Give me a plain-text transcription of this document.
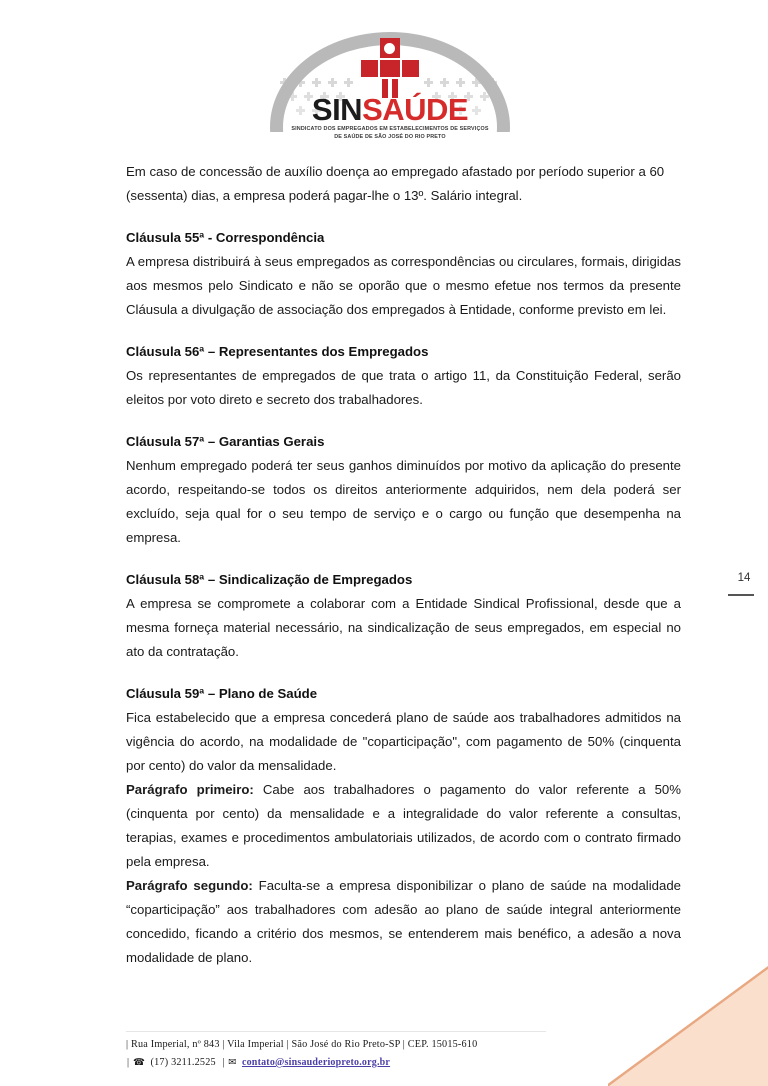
SINSAÚDE
SINDICATO DOS EMPREGADOS EM ESTABELECIMENTOS DE SERVIÇOS
DE SAÚDE DE SÃO JOSÉ DO RIO PRETO

Em caso de concessão de auxílio doença ao empregado afastado por período superior a 60 (sessenta) dias, a empresa poderá pagar-lhe o 13º. Salário integral.

Cláusula 55ª - Correspondência

A empresa distribuirá à seus empregados as correspondências ou circulares, formais, dirigidas aos mesmos pelo Sindicato e não se oporão que o mesmo efetue nos termos da presente Cláusula a divulgação de associação dos empregados à Entidade, conforme previsto em lei.

Cláusula 56ª – Representantes dos Empregados

Os representantes de empregados de que trata o artigo 11, da Constituição Federal, serão eleitos por voto direto e secreto dos trabalhadores.

Cláusula 57ª – Garantias Gerais

Nenhum empregado poderá ter seus ganhos diminuídos por motivo da aplicação do presente acordo, respeitando-se todos os direitos anteriormente adquiridos, nem dela poderá ser excluído, seja qual for o seu tempo de serviço e o cargo ou função que desempenha na empresa.

Cláusula 58ª – Sindicalização de Empregados

A empresa se compromete a colaborar com a Entidade Sindical Profissional, desde que a mesma forneça material necessário, na sindicalização de seus empregados, em especial no ato da contratação.

Cláusula 59ª – Plano de Saúde

Fica estabelecido que a empresa concederá plano de saúde aos trabalhadores admitidos na vigência do acordo, na modalidade de "coparticipação", com pagamento de 50% (cinquenta por cento) do valor da mensalidade.

Parágrafo primeiro: Cabe aos trabalhadores o pagamento do valor referente a 50% (cinquenta por cento) da mensalidade e a integralidade do valor referente a consultas, terapias, exames e procedimentos ambulatoriais utilizados, de acordo com o contrato firmado pela empresa.

Parágrafo segundo: Faculta-se a empresa disponibilizar o plano de saúde na modalidade “coparticipação” aos trabalhadores com adesão ao plano de saúde integral anteriormente concedido, ficando a critério dos mesmos, se entenderem mais benéfico, a adesão a nova modalidade de plano.

14
| Rua Imperial, nº 843 | Vila Imperial | São José do Rio Preto-SP | CEP. 15015-610
| ☎ (17) 3211.2525 | ✉ contato@sinsauderiopreto.org.br
